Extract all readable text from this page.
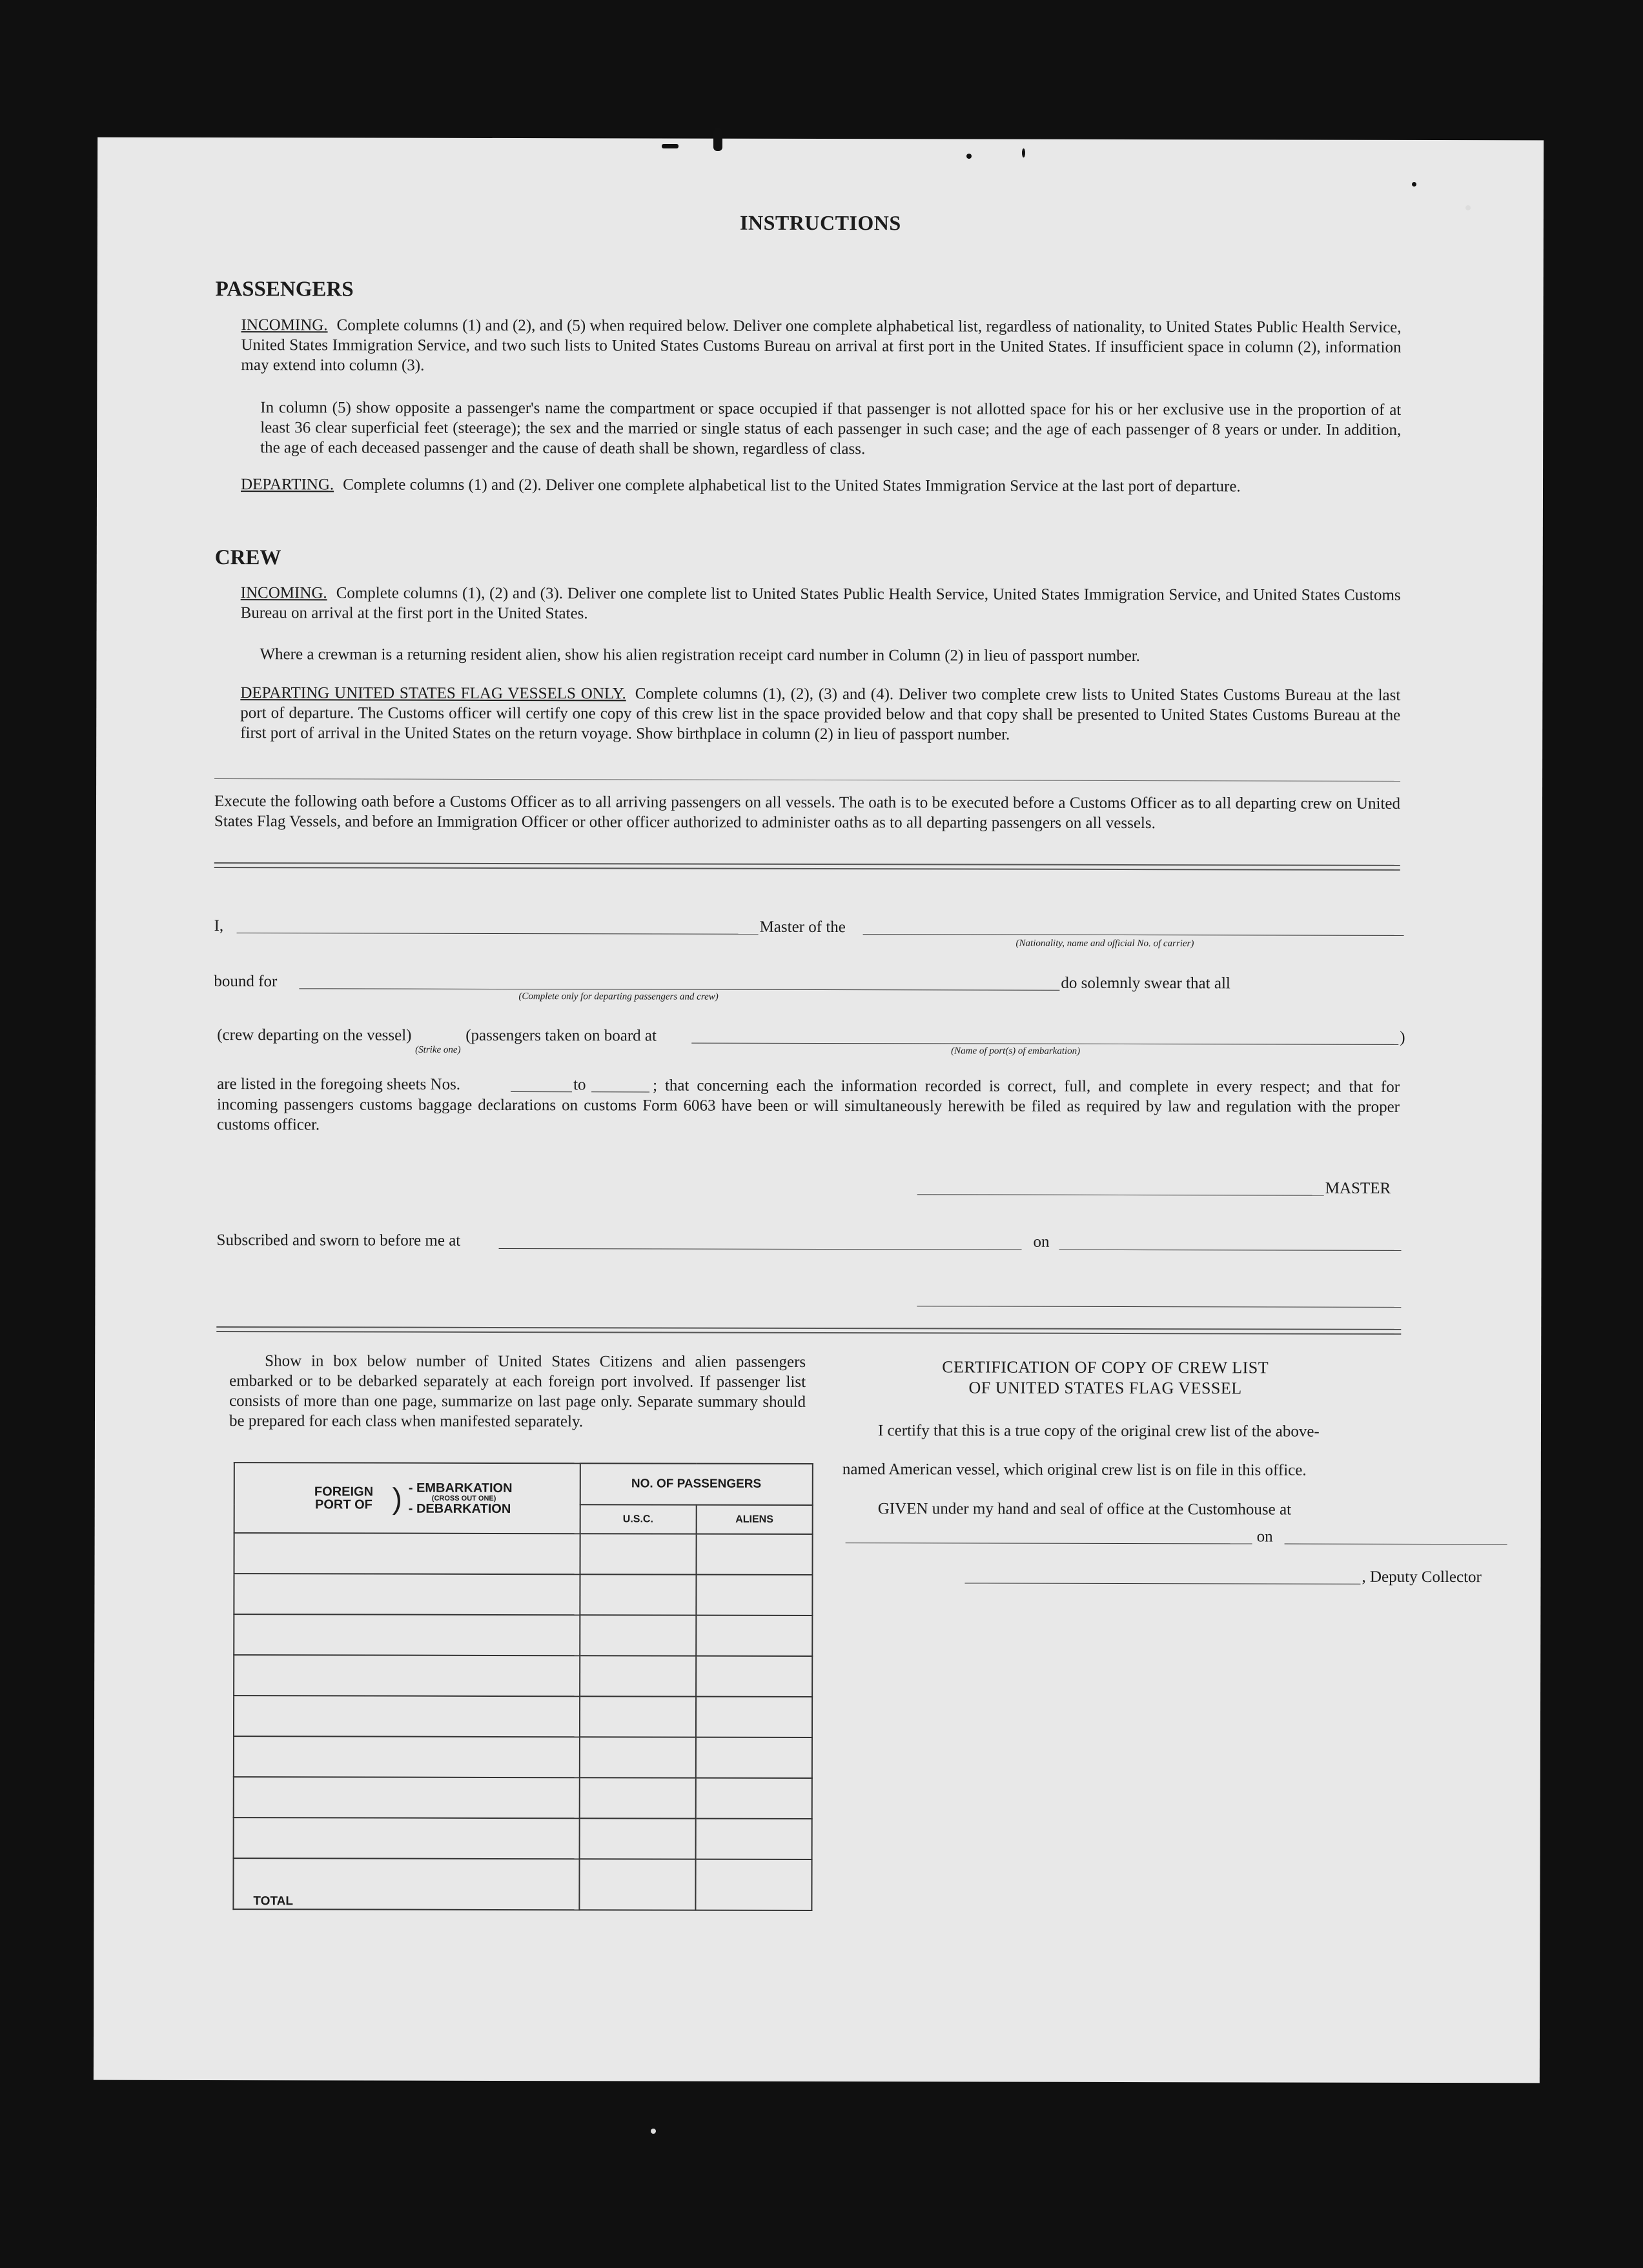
INSTRUCTIONS
PASSENGERS
INCOMING. Complete columns (1) and (2), and (5) when required below. Deliver one complete alphabetical list, regardless of nationality, to United States Public Health Service, United States Immigration Service, and two such lists to United States Customs Bureau on arrival at first port in the United States. If insufficient space in column (2), information may extend into column (3).
In column (5) show opposite a passenger's name the compartment or space occupied if that passenger is not allotted space for his or her exclusive use in the proportion of at least 36 clear superficial feet (steerage); the sex and the married or single status of each passenger in such case; and the age of each passenger of 8 years or under. In addition, the age of each deceased passenger and the cause of death shall be shown, regardless of class.
DEPARTING. Complete columns (1) and (2). Deliver one complete alphabetical list to the United States Immigration Service at the last port of departure.
CREW
INCOMING. Complete columns (1), (2) and (3). Deliver one complete list to United States Public Health Service, United States Immigration Service, and United States Customs Bureau on arrival at the first port in the United States.
Where a crewman is a returning resident alien, show his alien registration receipt card number in Column (2) in lieu of passport number.
DEPARTING UNITED STATES FLAG VESSELS ONLY. Complete columns (1), (2), (3) and (4). Deliver two complete crew lists to United States Customs Bureau at the last port of departure. The Customs officer will certify one copy of this crew list in the space provided below and that copy shall be presented to United States Customs Bureau at the first port of arrival in the United States on the return voyage. Show birthplace in column (2) in lieu of passport number.
Execute the following oath before a Customs Officer as to all arriving passengers on all vessels. The oath is to be executed before a Customs Officer as to all departing crew on United States Flag Vessels, and before an Immigration Officer or other officer authorized to administer oaths as to all departing passengers on all vessels.
I,	Master of the
(Nationality, name and official No. of carrier)
bound for
(Complete only for departing passengers and crew)
do solemnly swear that all
(crew departing on the vessel)	(passengers taken on board at	)
(Strike one)	(Name of port(s) of embarkation)
are listed in the foregoing sheets Nos.	to	; that concerning each the information recorded is correct, full, and complete in every respect; and that for incoming passengers customs baggage declarations on customs Form 6063 have been or will simultaneously herewith be filed as required by law and regulation with the proper customs officer.
MASTER
Subscribed and sworn to before me at	on
Show in box below number of United States Citizens and alien passengers embarked or to be debarked separately at each foreign port involved. If passenger list consists of more than one page, summarize on last page only. Separate summary should be prepared for each class when manifested separately.
FOREIGN PORT OF ) - EMBARKATION
(CROSS OUT ONE)
- DEBARKATION	NO. OF PASSENGERS	
	U.S.C.	ALIENS

TOTAL		
CERTIFICATION OF COPY OF CREW LIST
OF UNITED STATES FLAG VESSEL
I certify that this is a true copy of the original crew list of the above-
named American vessel, which original crew list is on file in this office.
GIVEN under my hand and seal of office at the Customhouse at
on
, Deputy Collector
